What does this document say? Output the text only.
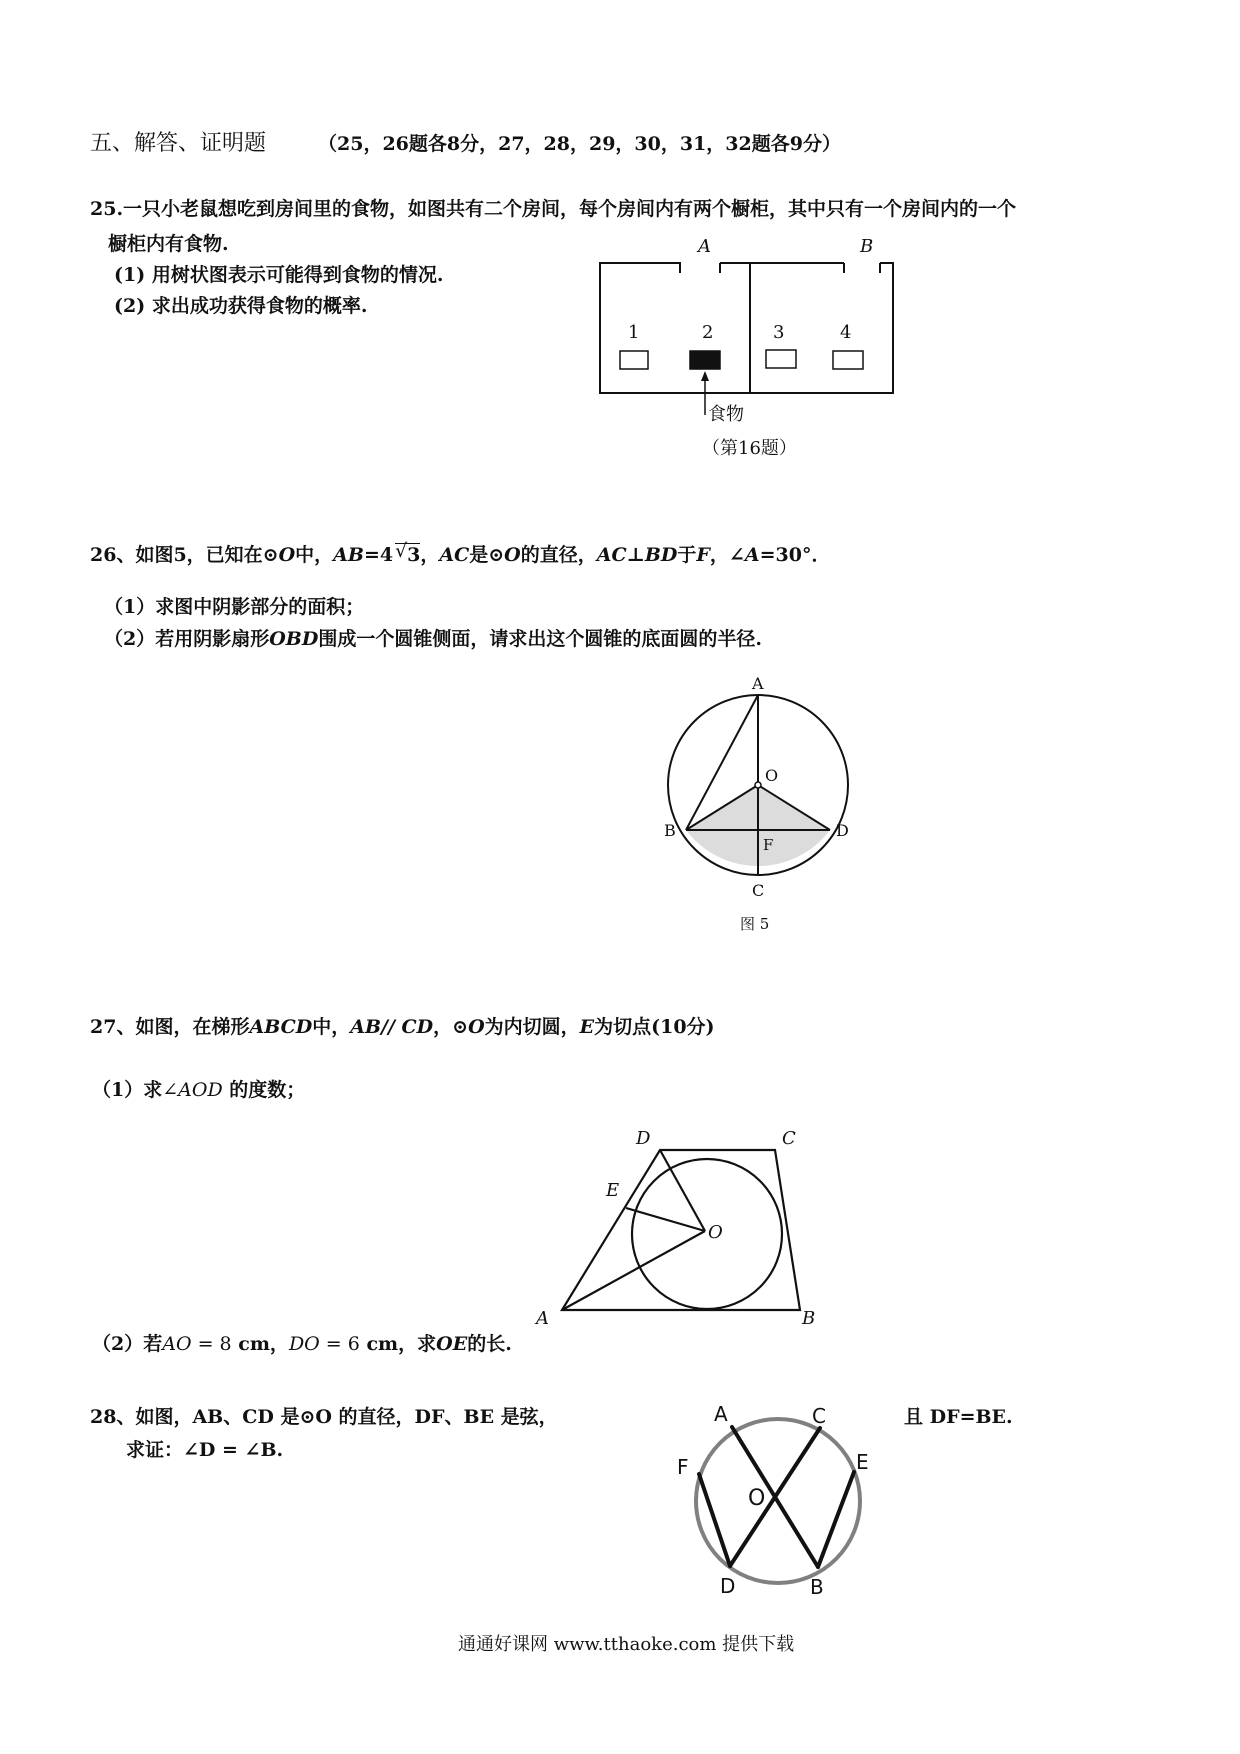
五、解答、证明题	（25，26题各8分，27，28，29，30，31，32题各9分）
25.一只小老鼠想吃到房间里的食物，如图共有二个房间，每个房间内有两个橱柜，其中只有一个房间内的一个
橱柜内有食物.
(1) 用树状图表示可能得到食物的情况.
(2) 求出成功获得食物的概率.
A	B
1	2	3	4
食物
（第16题）
26、如图5，已知在⊙O中，AB=4 √ 3，AC是⊙O的直径，AC⊥BD于F，∠A=30°．
（1）求图中阴影部分的面积；
（2）若用阴影扇形OBD围成一个圆锥侧面，请求出这个圆锥的底面圆的半径.
A
O
B	D
F
C
图 5
27、如图，在梯形ABCD中，AB// CD，⊙O为内切圆，E为切点(10分)
（1）求∠AOD 的度数；
D	C
E
O
A	B
（2）若AO = 8 cm，DO = 6 cm，求OE的长.
28、如图，AB、CD 是⊙O 的直径，DF、BE 是弦，	且 DF=BE.
求证：∠D = ∠B.
A	C
F	E
O
D	B
通通好课网 www.tthaoke.com 提供下载
